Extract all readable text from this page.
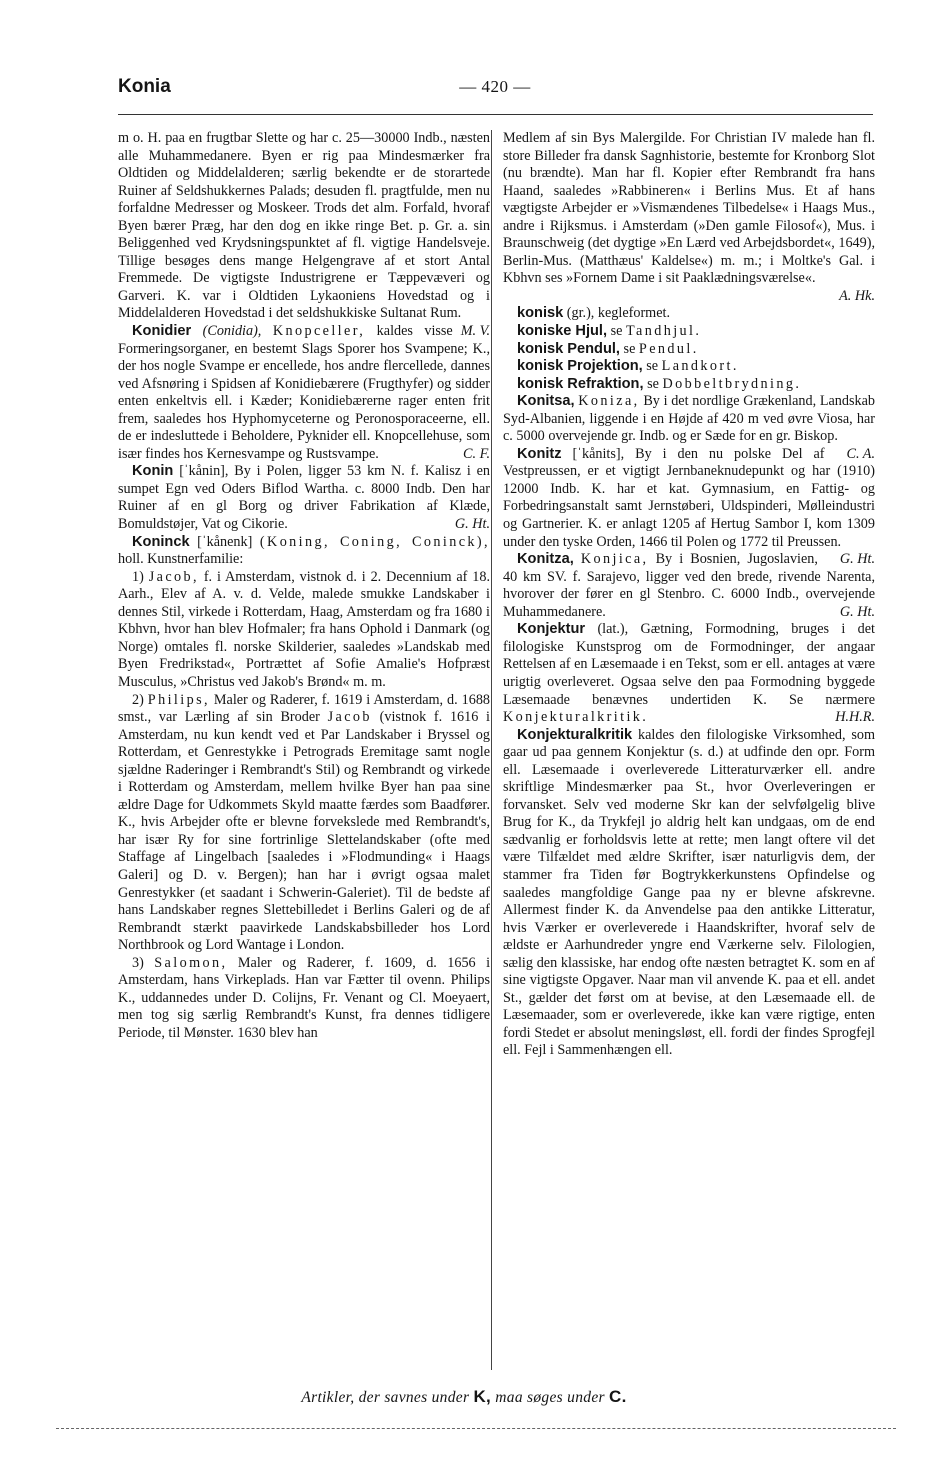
Konia	— 420 —

m o. H. paa en frugtbar Slette og har c. 25—30000 Indb., næsten alle Muhammedanere. Byen er rig paa Mindesmærker fra Oldtiden og Middelalderen; særlig bekendte er de storartede Ruiner af Seldshukkernes Palads; desuden fl. pragtfulde, men nu forfaldne Medresser og Moskeer. Trods det alm. Forfald, hvoraf Byen bærer Præg, har den dog en ikke ringe Bet. p. Gr. a. sin Beliggenhed ved Krydsningspunktet af fl. vigtige Handelsveje. Tillige besøges dens mange Helgengrave af et stort Antal Fremmede. De vigtigste Industrigrene er Tæppevæveri og Garveri. K. var i Oldtiden Lykaoniens Hovedstad og i Middelalderen Hovedstad i det seldshukkiske Sultanat Rum.
M. V.

Konidier (Conidia), Knopceller, kaldes visse Formeringsorganer, en bestemt Slags Sporer hos Svampene; K., der hos nogle Svampe er encellede, hos andre flercellede, dannes ved Afsnøring i Spidsen af Konidiebærere (Frugthyfer) og sidder enten enkeltvis ell. i Kæder; Konidiebærerne rager enten frit frem, saaledes hos Hyphomyceterne og Peronosporaceerne, ell. de er indesluttede i Beholdere, Pyknider ell. Knopcellehuse, som især findes hos Kernesvampe og Rustsvampe.	C. F.

Konin [ˈkånin], By i Polen, ligger 53 km N. f. Kalisz i en sumpet Egn ved Oders Biflod Wartha. c. 8000 Indb. Den har Ruiner af en gl Borg og driver Fabrikation af Klæde, Bomuldstøjer, Vat og Cikorie.	G. Ht.

Koninck [ˈkånenk] (Koning, Coning, Coninck), holl. Kunstnerfamilie:

1) Jacob, f. i Amsterdam, vistnok d. i 2. Decennium af 18. Aarh., Elev af A. v. d. Velde, malede smukke Landskaber i dennes Stil, virkede i Rotterdam, Haag, Amsterdam og fra 1680 i Kbhvn, hvor han blev Hofmaler; fra hans Ophold i Danmark (og Norge) omtales fl. norske Skilderier, saaledes »Landskab med Byen Fredrikstad«, Portrættet af Sofie Amalie's Hofpræst Musculus, »Christus ved Jakob's Brønd« m. m.

2) Philips, Maler og Raderer, f. 1619 i Amsterdam, d. 1688 smst., var Lærling af sin Broder Jacob (vistnok f. 1616 i Amsterdam, nu kun kendt ved et Par Landskaber i Bryssel og Rotterdam, et Genrestykke i Petrograds Eremitage samt nogle sjældne Raderinger i Rembrandt's Stil) og Rembrandt og virkede i Rotterdam og Amsterdam, mellem hvilke Byer han paa sine ældre Dage for Udkommets Skyld maatte færdes som Baadfører. K., hvis Arbejder ofte er blevne forvekslede med Rembrandt's, har især Ry for sine fortrinlige Slettelandskaber (ofte med Staffage af Lingelbach [saaledes i »Flodmunding« i Haags Galeri] og D. v. Bergen); han har i øvrigt ogsaa malet Genrestykker (et saadant i Schwerin-Galeriet). Til de bedste af hans Landskaber regnes Slettebilledet i Berlins Galeri og de af Rembrandt stærkt paavirkede Landskabsbilleder hos Lord Northbrook og Lord Wantage i London.

3) Salomon, Maler og Raderer, f. 1609, d. 1656 i Amsterdam, hans Virkeplads. Han var Fætter til ovenn. Philips K., uddannedes under D. Colijns, Fr. Venant og Cl. Moeyaert, men tog sig særlig Rembrandt's Kunst, fra dennes tidligere Periode, til Mønster. 1630 blev han

Medlem af sin Bys Malergilde. For Christian IV malede han fl. store Billeder fra dansk Sagnhistorie, bestemte for Kronborg Slot (nu brændte). Man har fl. Kopier efter Rembrandt fra hans Haand, saaledes »Rabbineren« i Berlins Mus. Et af hans vægtigste Arbejder er »Vismændenes Tilbedelse« i Haags Mus., andre i Rijksmus. i Amsterdam (»Den gamle Filosof«), Mus. i Braunschweig (det dygtige »En Lærd ved Arbejdsbordet«, 1649), Berlin-Mus. (Matthæus' Kaldelse«) m. m.; i Moltke's Gal. i Kbhvn ses »Fornem Dame i sit Paaklædningsværelse«.

A. Hk.

konisk (gr.), kegleformet.

koniske Hjul, se Tandhjul.

konisk Pendul, se Pendul.

konisk Projektion, se Landkort.

konisk Refraktion, se Dobbeltbrydning.

Konitsa, Koniza, By i det nordlige Grækenland, Landskab Syd-Albanien, liggende i en Højde af 420 m ved øvre Viosa, har c. 5000 overvejende gr. Indb. og er Sæde for en gr. Biskop.
C. A.

Konitz [ˈkånits], By i den nu polske Del af Vestpreussen, er et vigtigt Jernbaneknudepunkt og har (1910) 12000 Indb. K. har et kat. Gymnasium, en Fattig- og Forbedringsanstalt samt Jernstøberi, Uldspinderi, Mølleindustri og Gartnerier. K. er anlagt 1205 af Hertug Sambor I, kom 1309 under den tyske Orden, 1466 til Polen og 1772 til Preussen.
G. Ht.

Konitza, Konjica, By i Bosnien, Jugoslavien, 40 km SV. f. Sarajevo, ligger ved den brede, rivende Narenta, hvorover der fører en gl Stenbro. C. 6000 Indb., overvejende Muhammedanere.	G. Ht.

Konjektur (lat.), Gætning, Formodning, bruges i det filologiske Kunstsprog om de Formodninger, der angaar Rettelsen af en Læsemaade i en Tekst, som er ell. antages at være urigtig overleveret. Ogsaa selve den paa Formodning byggede Læsemaade benævnes undertiden K. Se nærmere Konjekturalkritik.	H.H.R.

Konjekturalkritik kaldes den filologiske Virksomhed, som gaar ud paa gennem Konjektur (s. d.) at udfinde den opr. Form ell. Læsemaade i overleverede Litteraturværker ell. andre skriftlige Mindesmærker paa St., hvor Overleveringen er forvansket. Selv ved moderne Skr kan der selvfølgelig blive Brug for K., da Trykfejl jo aldrig helt kan undgaas, om de end sædvanlig er forholdsvis lette at rette; men langt oftere vil det være Tilfældet med ældre Skrifter, især naturligvis dem, der stammer fra Tiden før Bogtrykkerkunstens Opfindelse og saaledes mangfoldige Gange paa ny er blevne afskrevne. Allermest finder K. da Anvendelse paa den antikke Litteratur, hvis Værker er overleverede i Haandskrifter, hvoraf selv de ældste er Aarhundreder yngre end Værkerne selv. Filologien, sælig den klassiske, har endog ofte næsten betragtet K. som en af sine vigtigste Opgaver. Naar man vil anvende K. paa et ell. andet St., gælder det først om at bevise, at den Læsemaade ell. de Læsemaader, som er overleverede, ikke kan være rigtige, enten fordi Stedet er absolut meningsløst, ell. fordi der findes Sprogfejl ell. Fejl i Sammenhængen ell.

Artikler, der savnes under K, maa søges under C.
